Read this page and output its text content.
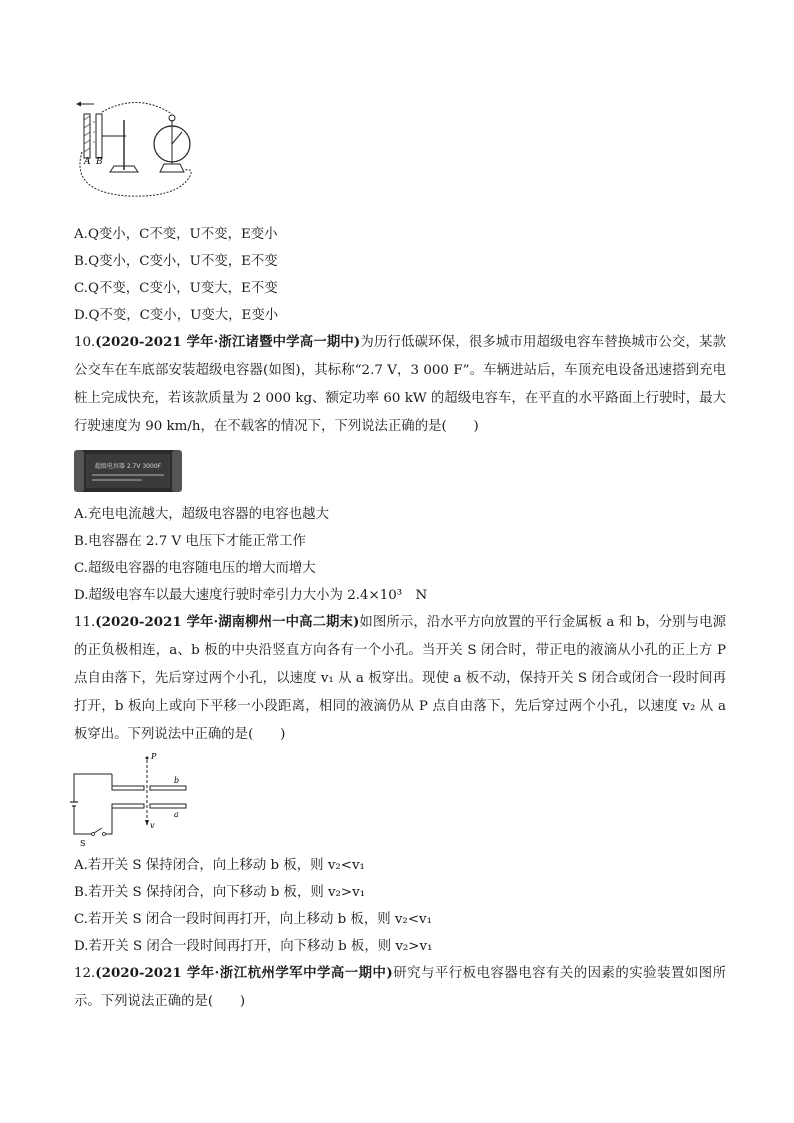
A B
A.Q变小，C不变，U不变，E变小
B.Q变小，C变小，U不变，E不变
C.Q不变，C变小，U变大，E不变
D.Q不变，C变小，U变大，E变小
10.(2020-2021 学年·浙江诸暨中学高一期中)为历行低碳环保，很多城市用超级电容车替换城市公交，某款公交车在车底部安装超级电容器(如图)，其标称“2.7 V，3 000 F”。车辆进站后，车顶充电设备迅速搭到充电桩上完成快充，若该款质量为 2 000 kg、额定功率 60 kW 的超级电容车，在平直的水平路面上行驶时，最大行驶速度为 90 km/h，在不载客的情况下，下列说法正确的是(　　)
超级电容器 2.7V 3000F
A.充电电流越大，超级电容器的电容也越大
B.电容器在 2.7 V 电压下才能正常工作
C.超级电容器的电容随电压的增大而增大
D.超级电容车以最大速度行驶时牵引力大小为 2.4×10³　N
11.(2020-2021 学年·湖南柳州一中高二期末)如图所示，沿水平方向放置的平行金属板 a 和 b，分别与电源的正负极相连，a、b 板的中央沿竖直方向各有一个小孔。当开关 S 闭合时，带正电的液滴从小孔的正上方 P 点自由落下，先后穿过两个小孔，以速度 v₁ 从 a 板穿出。现使 a 板不动，保持开关 S 闭合或闭合一段时间再打开，b 板向上或向下平移一小段距离，相同的液滴仍从 P 点自由落下，先后穿过两个小孔，以速度 v₂ 从 a 板穿出。下列说法中正确的是(　　)
P
b
a
v
S
A.若开关 S 保持闭合，向上移动 b 板，则 v₂<v₁
B.若开关 S 保持闭合，向下移动 b 板，则 v₂>v₁
C.若开关 S 闭合一段时间再打开，向上移动 b 板，则 v₂<v₁
D.若开关 S 闭合一段时间再打开，向下移动 b 板，则 v₂>v₁
12.(2020-2021 学年·浙江杭州学军中学高一期中)研究与平行板电容器电容有关的因素的实验装置如图所示。下列说法正确的是(　　)
